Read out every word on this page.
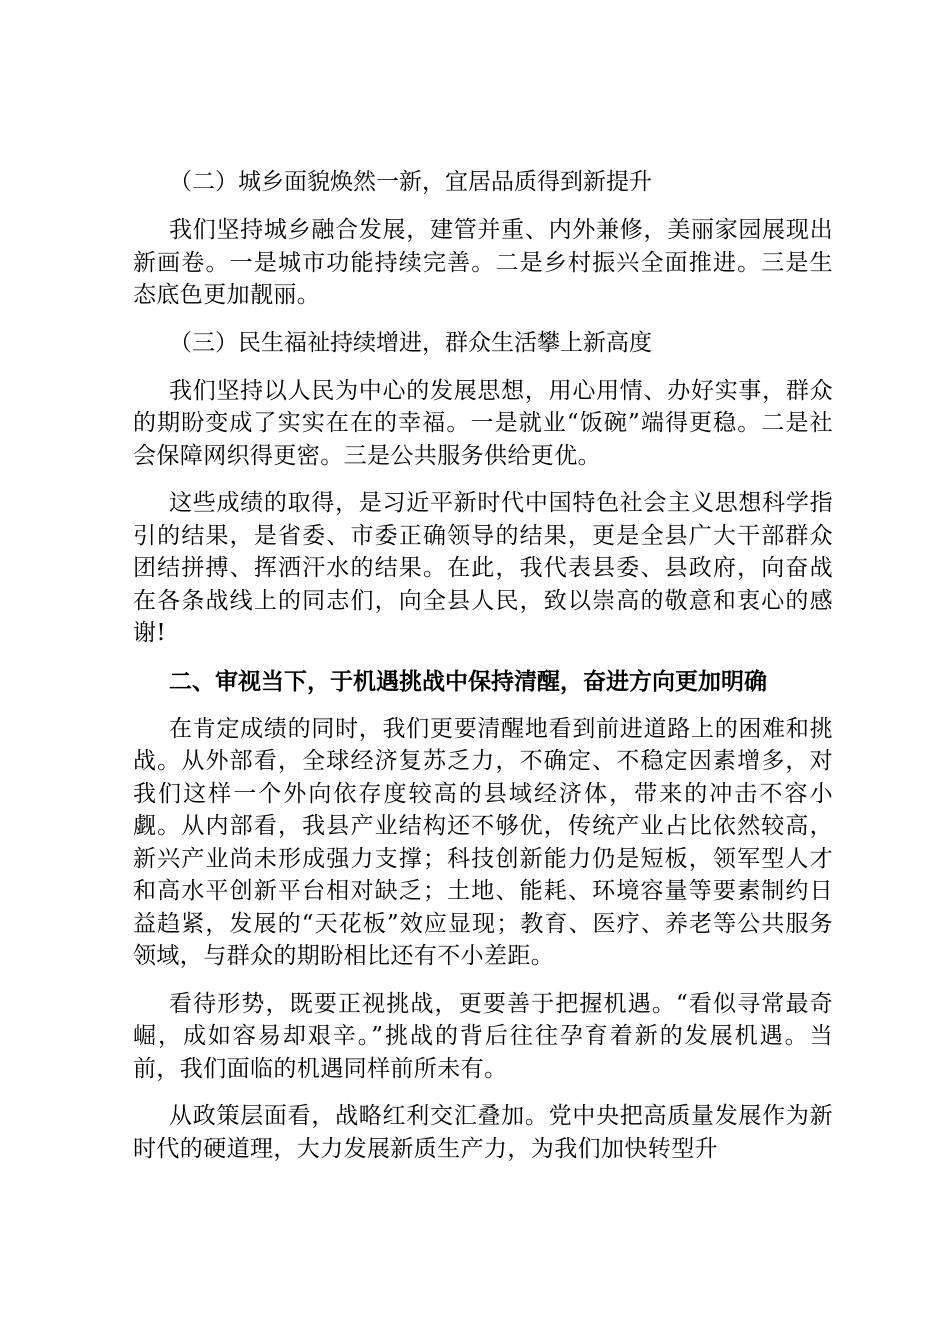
（二）城乡面貌焕然一新，宜居品质得到新提升

我们坚持城乡融合发展，建管并重、内外兼修，美丽家园展现出新画卷。一是城市功能持续完善。二是乡村振兴全面推进。三是生态底色更加靓丽。

（三）民生福祉持续增进，群众生活攀上新高度

我们坚持以人民为中心的发展思想，用心用情、办好实事，群众的期盼变成了实实在在的幸福。一是就业“饭碗”端得更稳。二是社会保障网织得更密。三是公共服务供给更优。

这些成绩的取得，是习近平新时代中国特色社会主义思想科学指引的结果，是省委、市委正确领导的结果，更是全县广大干部群众团结拼搏、挥洒汗水的结果。在此，我代表县委、县政府，向奋战在各条战线上的同志们，向全县人民，致以崇高的敬意和衷心的感谢!

二、审视当下，于机遇挑战中保持清醒，奋进方向更加明确

在肯定成绩的同时，我们更要清醒地看到前进道路上的困难和挑战。从外部看，全球经济复苏乏力，不确定、不稳定因素增多，对我们这样一个外向依存度较高的县域经济体，带来的冲击不容小觑。从内部看，我县产业结构还不够优，传统产业占比依然较高，新兴产业尚未形成强力支撑；科技创新能力仍是短板，领军型人才和高水平创新平台相对缺乏；土地、能耗、环境容量等要素制约日益趋紧，发展的“天花板”效应显现；教育、医疗、养老等公共服务领域，与群众的期盼相比还有不小差距。

看待形势，既要正视挑战，更要善于把握机遇。“看似寻常最奇崛，成如容易却艰辛。”挑战的背后往往孕育着新的发展机遇。当前，我们面临的机遇同样前所未有。

从政策层面看，战略红利交汇叠加。党中央把高质量发展作为新时代的硬道理，大力发展新质生产力，为我们加快转型升
